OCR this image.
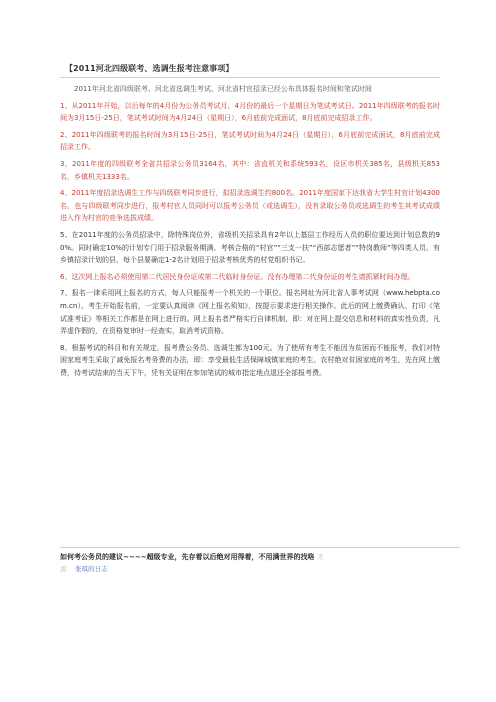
【2011河北四级联考、选调生报考注意事项】
2011年河北省四级联考、河北省选调生考试、河北省村官招录已经公布具体报名时间和笔试时间
1、从2011年开始，以后每年的4月份为公务员考试月，4月份的最后一个星期日为笔试考试日。2011年四级联考的报名时间为3月15日-25日，笔试考试时间为4月24日（星期日），6月底前完成面试，8月底前完成招录工作。
2、2011年四级联考的报名时间为3月15日-25日，笔试考试时间为4月24日（星期日），6月底前完成面试，8月底前完成招录工作。
3、2011年度的四级联考全省共招录公务员3164名，其中：省直机关和系统593名，设区市机关385名，县级机关853名，乡镇机关1333名。
4、2011年度招录选调生工作与四级联考同步进行，拟招录选调生约800名。2011年度国家下达我省大学生村官计划4300名，也与四级联考同步进行，报考村官人员同时可以报考公务员（或选调生），没有录取公务员或选调生的考生其考试成绩进入作为村官的竞争选拔成绩。
5、在2011年度的公务员招录中，除特殊岗位外，省级机关招录具有2年以上基层工作经历人员的职位要达到计划总数的90%。同时确定10%的计划专门用于招录服务期满、考核合格的“村官”“三支一扶”“西部志愿者”“特岗教师”等四类人员。有乡镇招录计划的县，每个县要确定1-2名计划用于招录考核优秀的村党组织书记。
6、这次网上报名必须使用第二代居民身份证或第二代临时身份证。没有办理第二代身份证的考生请抓紧时间办理。
7、报名一律采用网上报名的方式，每人只能报考一个机关的一个职位。报名网址为河北省人事考试网（www.hebpta.com.cn）。考生开始报名前，一定要认真阅读《网上报名须知》，按提示要求进行相关操作。此后的网上缴费确认、打印《笔试准考证》等相关工作都是在网上进行的。网上报名者严格实行自律机制，即：对在网上提交信息和材料的真实性负责，凡弄虚作假的，在资格复审时一经查实，取消考试资格。
8、根据考试的科目和有关规定，报考费公务员、选调生都为100元。为了使所有考生不能因为贫困而不能报考，我们对特困家庭考生采取了减免报名考务费的办法，即：享受最低生活保障城镇家庭的考生、农村绝对贫困家庭的考生，先在网上缴费，待考试结束的当天下午，凭有关证明在参加笔试的城市指定地点退还全部报考费。
如何考公务员的建议~~~~超级专业，先存着以后绝对用得着，不用满世界的找咯 来
源： 张琪的日志
